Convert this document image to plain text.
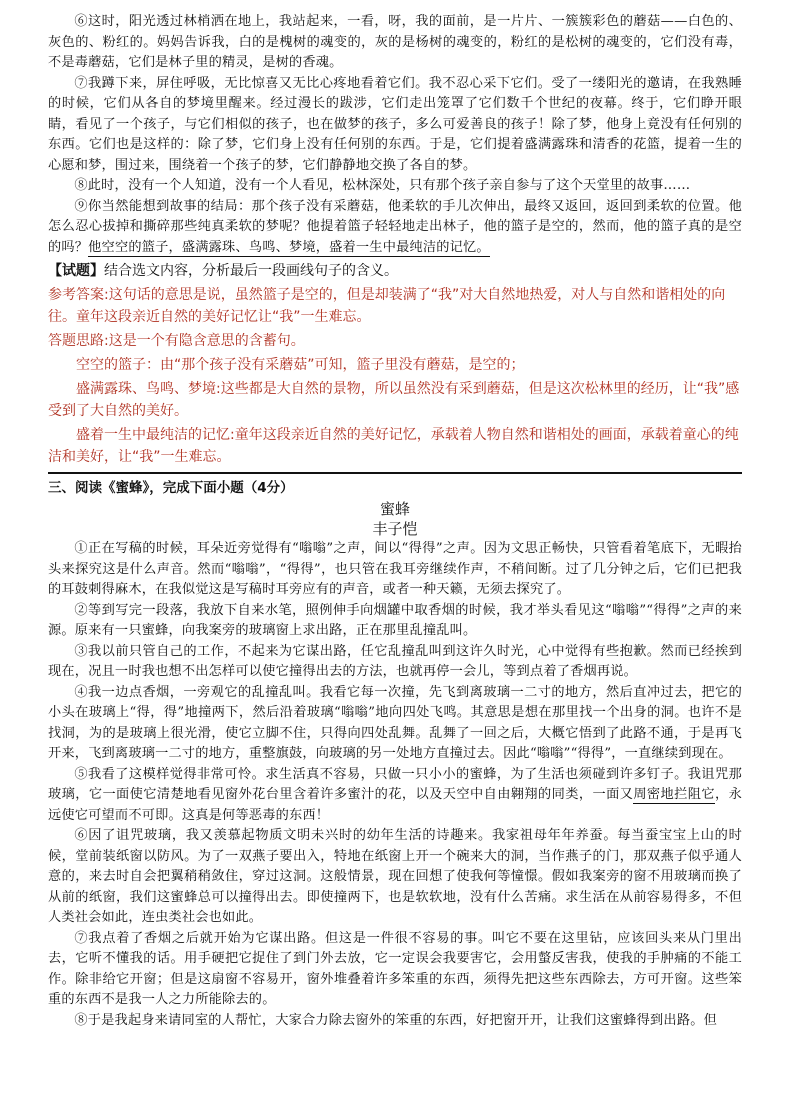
⑥这时，阳光透过林梢洒在地上，我站起来，一看，呀，我的面前，是一片片、一簇簇彩色的蘑菇——白色的、灰色的、粉红的。妈妈告诉我，白的是槐树的魂变的，灰的是杨树的魂变的，粉红的是松树的魂变的，它们没有毒，不是毒蘑菇，它们是林子里的精灵，是树的香魂。

⑦我蹲下来，屏住呼吸，无比惊喜又无比心疼地看着它们。我不忍心采下它们。受了一缕阳光的邀请，在我熟睡的时候，它们从各自的梦境里醒来。经过漫长的跋涉，它们走出笼罩了它们数千个世纪的夜幕。终于，它们睁开眼睛，看见了一个孩子，与它们相似的孩子，也在做梦的孩子，多么可爱善良的孩子！除了梦，他身上竟没有任何别的东西。它们也是这样的：除了梦，它们身上没有任何别的东西。于是，它们提着盛满露珠和清香的花篮，提着一生的心愿和梦，围过来，围绕着一个孩子的梦，它们静静地交换了各自的梦。

⑧此时，没有一个人知道，没有一个人看见，松林深处，只有那个孩子亲自参与了这个天堂里的故事……

⑨你当然能想到故事的结局：那个孩子没有采蘑菇，他柔软的手儿次伸出，最终又返回，返回到柔软的位置。他怎么忍心拔掉和撕碎那些纯真柔软的梦呢？他提着篮子轻轻地走出林子，他的篮子是空的，然而，他的篮子真的是空的吗？他空空的篮子，盛满露珠、鸟鸣、梦境，盛着一生中最纯洁的记忆。

【试题】结合选文内容，分析最后一段画线句子的含义。

参考答案:这句话的意思是说，虽然篮子是空的，但是却装满了“我”对大自然地热爱，对人与自然和谐相处的向往。童年这段亲近自然的美好记忆让“我”一生难忘。

答题思路:这是一个有隐含意思的含蓄句。

空空的篮子：由“那个孩子没有采蘑菇”可知，篮子里没有蘑菇，是空的；

盛满露珠、鸟鸣、梦境:这些都是大自然的景物，所以虽然没有采到蘑菇，但是这次松林里的经历，让“我”感受到了大自然的美好。

盛着一生中最纯洁的记忆:童年这段亲近自然的美好记忆，承载着人物自然和谐相处的画面，承载着童心的纯洁和美好，让“我”一生难忘。

三、阅读《蜜蜂》，完成下面小题（4分）

蜜蜂

丰子恺

①正在写稿的时候，耳朵近旁觉得有“嗡嗡”之声，间以“得得”之声。因为文思正畅快，只管看着笔底下，无暇抬头来探究这是什么声音。然而“嗡嗡”，“得得”，也只管在我耳旁继续作声，不稍间断。过了几分钟之后，它们已把我的耳鼓刺得麻木，在我似觉这是写稿时耳旁应有的声音，或者一种天籁，无须去探究了。

②等到写完一段落，我放下自来水笔，照例伸手向烟罐中取香烟的时候，我才举头看见这“嗡嗡”“得得”之声的来源。原来有一只蜜蜂，向我案旁的玻璃窗上求出路，正在那里乱撞乱叫。

③我以前只管自己的工作，不起来为它谋出路，任它乱撞乱叫到这许久时光，心中觉得有些抱歉。然而已经挨到现在，况且一时我也想不出怎样可以使它撞得出去的方法，也就再停一会儿，等到点着了香烟再说。

④我一边点香烟，一旁观它的乱撞乱叫。我看它每一次撞，先飞到离玻璃一二寸的地方，然后直冲过去，把它的小头在玻璃上“得，得”地撞两下，然后沿着玻璃“嗡嗡”地向四处飞鸣。其意思是想在那里找一个出身的洞。也许不是找洞，为的是玻璃上很光滑，使它立脚不住，只得向四处乱舞。乱舞了一回之后，大概它悟到了此路不通，于是再飞开来，飞到离玻璃一二寸的地方，重整旗鼓，向玻璃的另一处地方直撞过去。因此“嗡嗡”“得得”，一直继续到现在。

⑤我看了这模样觉得非常可怜。求生活真不容易，只做一只小小的蜜蜂，为了生活也须碰到许多钉子。我诅咒那玻璃，它一面使它清楚地看见窗外花台里含着许多蜜汁的花，以及天空中自由翱翔的同类，一面又周密地拦阻它，永远使它可望而不可即。这真是何等恶毒的东西！

⑥因了诅咒玻璃，我又羡慕起物质文明未兴时的幼年生活的诗趣来。我家祖母年年养蚕。每当蚕宝宝上山的时候，堂前装纸窗以防风。为了一双燕子要出入，特地在纸窗上开一个碗来大的洞，当作燕子的门，那双燕子似乎通人意的，来去时自会把翼稍稍敛住，穿过这洞。这般情景，现在回想了使我何等憧憬。假如我案旁的窗不用玻璃而换了从前的纸窗，我们这蜜蜂总可以撞得出去。即使撞两下，也是软软地，没有什么苦痛。求生活在从前容易得多，不但人类社会如此，连虫类社会也如此。

⑦我点着了香烟之后就开始为它谋出路。但这是一件很不容易的事。叫它不要在这里钻，应该回头来从门里出去，它听不懂我的话。用手硬把它捉住了到门外去放，它一定误会我要害它，会用螫反害我，使我的手肿痛的不能工作。除非给它开窗；但是这扇窗不容易开，窗外堆叠着许多笨重的东西，须得先把这些东西除去，方可开窗。这些笨重的东西不是我一人之力所能除去的。

⑧于是我起身来请同室的人帮忙，大家合力除去窗外的笨重的东西，好把窗开开，让我们这蜜蜂得到出路。但
